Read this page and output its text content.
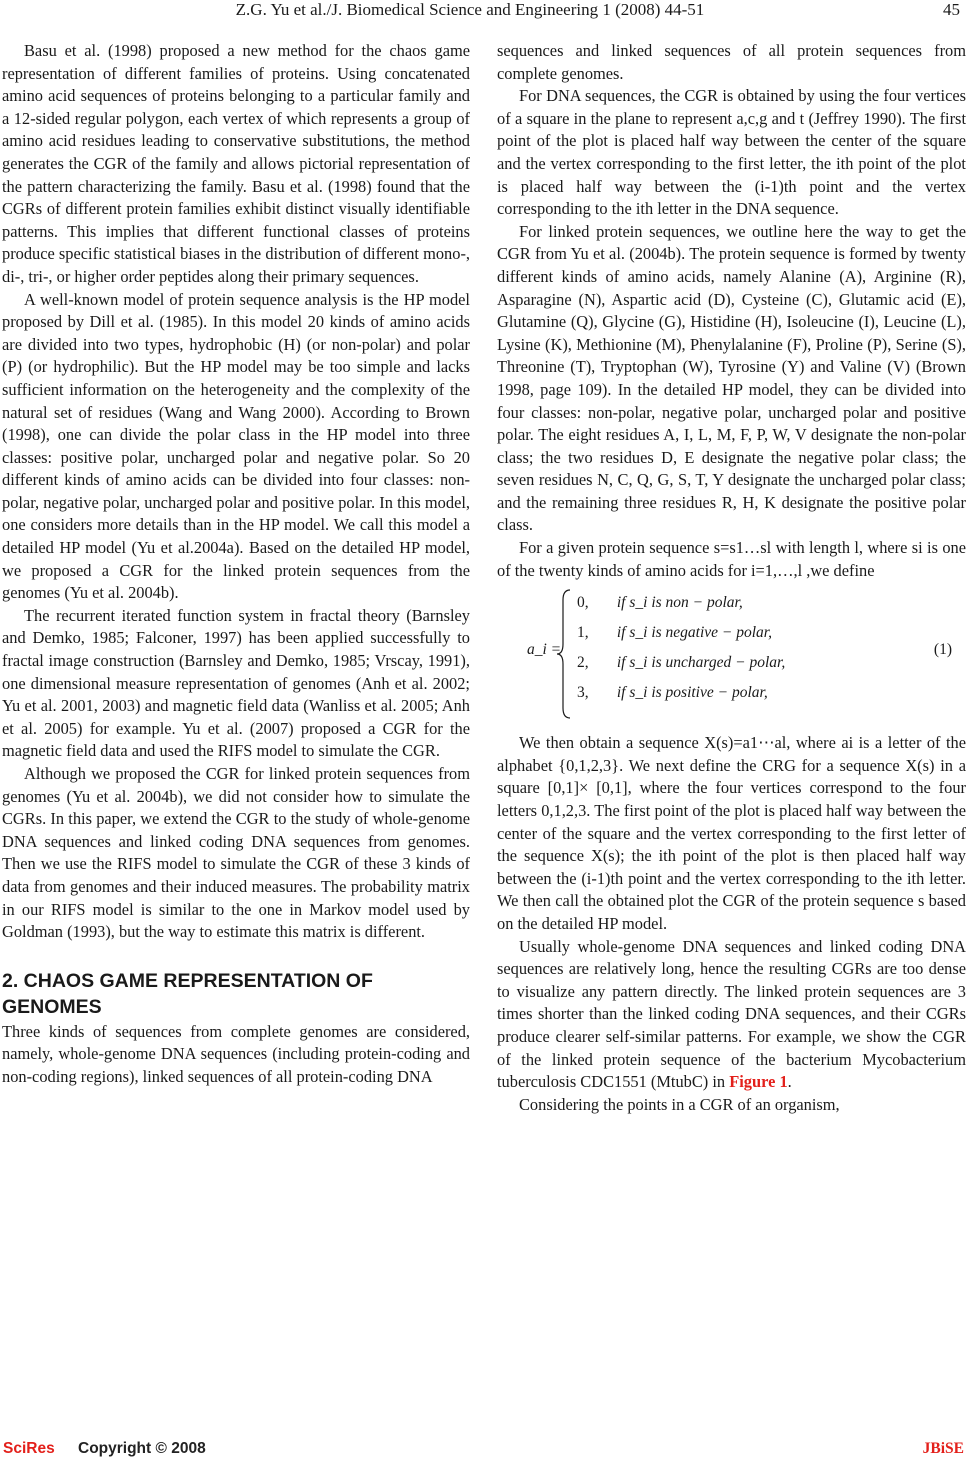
Z.G. Yu et al./J. Biomedical Science and Engineering 1 (2008) 44-51	45

Basu et al. (1998) proposed a new method for the chaos game representation of different families of proteins. Using concatenated amino acid sequences of proteins belonging to a particular family and a 12-sided regular polygon, each vertex of which represents a group of amino acid residues leading to conservative substitutions, the method generates the CGR of the family and allows pictorial representation of the pattern characterizing the family. Basu et al. (1998) found that the CGRs of different protein families exhibit distinct visually identifiable patterns. This implies that different functional classes of proteins produce specific statistical biases in the distribution of different mono-, di-, tri-, or higher order peptides along their primary sequences.

A well-known model of protein sequence analysis is the HP model proposed by Dill et al. (1985). In this model 20 kinds of amino acids are divided into two types, hydrophobic (H) (or non-polar) and polar (P) (or hydrophilic). But the HP model may be too simple and lacks sufficient information on the heterogeneity and the complexity of the natural set of residues (Wang and Wang 2000). According to Brown (1998), one can divide the polar class in the HP model into three classes: positive polar, uncharged polar and negative polar. So 20 different kinds of amino acids can be divided into four classes: non-polar, negative polar, uncharged polar and positive polar. In this model, one considers more details than in the HP model. We call this model a detailed HP model (Yu et al.2004a). Based on the detailed HP model, we proposed a CGR for the linked protein sequences from the genomes (Yu et al. 2004b).

The recurrent iterated function system in fractal theory (Barnsley and Demko, 1985; Falconer, 1997) has been applied successfully to fractal image construction (Barnsley and Demko, 1985; Vrscay, 1991), one dimensional measure representation of genomes (Anh et al. 2002; Yu et al. 2001, 2003) and magnetic field data (Wanliss et al. 2005; Anh et al. 2005) for example. Yu et al. (2007) proposed a CGR for the magnetic field data and used the RIFS model to simulate the CGR.

Although we proposed the CGR for linked protein sequences from genomes (Yu et al. 2004b), we did not consider how to simulate the CGRs. In this paper, we extend the CGR to the study of whole-genome DNA sequences and linked coding DNA sequences from genomes. Then we use the RIFS model to simulate the CGR of these 3 kinds of data from genomes and their induced measures. The probability matrix in our RIFS model is similar to the one in Markov model used by Goldman (1993), but the way to estimate this matrix is different.

2. CHAOS GAME REPRESENTATION OF GENOMES

Three kinds of sequences from complete genomes are considered, namely, whole-genome DNA sequences (including protein-coding and non-coding regions), linked sequences of all protein-coding DNA

sequences and linked sequences of all protein sequences from complete genomes.

For DNA sequences, the CGR is obtained by using the four vertices of a square in the plane to represent a,c,g and t (Jeffrey 1990). The first point of the plot is placed half way between the center of the square and the vertex corresponding to the first letter, the ith point of the plot is placed half way between the (i-1)th point and the vertex corresponding to the ith letter in the DNA sequence.

For linked protein sequences, we outline here the way to get the CGR from Yu et al. (2004b). The protein sequence is formed by twenty different kinds of amino acids, namely Alanine (A), Arginine (R), Asparagine (N), Aspartic acid (D), Cysteine (C), Glutamic acid (E), Glutamine (Q), Glycine (G), Histidine (H), Isoleucine (I), Leucine (L), Lysine (K), Methionine (M), Phenylalanine (F), Proline (P), Serine (S), Threonine (T), Tryptophan (W), Tyrosine (Y) and Valine (V) (Brown 1998, page 109). In the detailed HP model, they can be divided into four classes: non-polar, negative polar, uncharged polar and positive polar. The eight residues A, I, L, M, F, P, W, V designate the non-polar class; the two residues D, E designate the negative polar class; the seven residues N, C, Q, G, S, T, Y designate the uncharged polar class; and the remaining three residues R, H, K designate the positive polar class.

For a given protein sequence s=s1…sl with length l, where si is one of the twenty kinds of amino acids for i=1,…,l ,we define

a_i =
0, if s_i is non − polar,
1, if s_i is negative − polar,
2, if s_i is uncharged − polar,
3, if s_i is positive − polar,
(1)

We then obtain a sequence X(s)=a1⋯al, where ai is a letter of the alphabet {0,1,2,3}. We next define the CRG for a sequence X(s) in a square [0,1]× [0,1], where the four vertices correspond to the four letters 0,1,2,3. The first point of the plot is placed half way between the center of the square and the vertex corresponding to the first letter of the sequence X(s); the ith point of the plot is then placed half way between the (i-1)th point and the vertex corresponding to the ith letter. We then call the obtained plot the CGR of the protein sequence s based on the detailed HP model.

Usually whole-genome DNA sequences and linked coding DNA sequences are relatively long, hence the resulting CGRs are too dense to visualize any pattern directly. The linked protein sequences are 3 times shorter than the linked coding DNA sequences, and their CGRs produce clearer self-similar patterns. For example, we show the CGR of the linked protein sequence of the bacterium Mycobacterium tuberculosis CDC1551 (MtubC) in Figure 1.

Considering the points in a CGR of an organism,

SciRes Copyright © 2008	JBiSE
